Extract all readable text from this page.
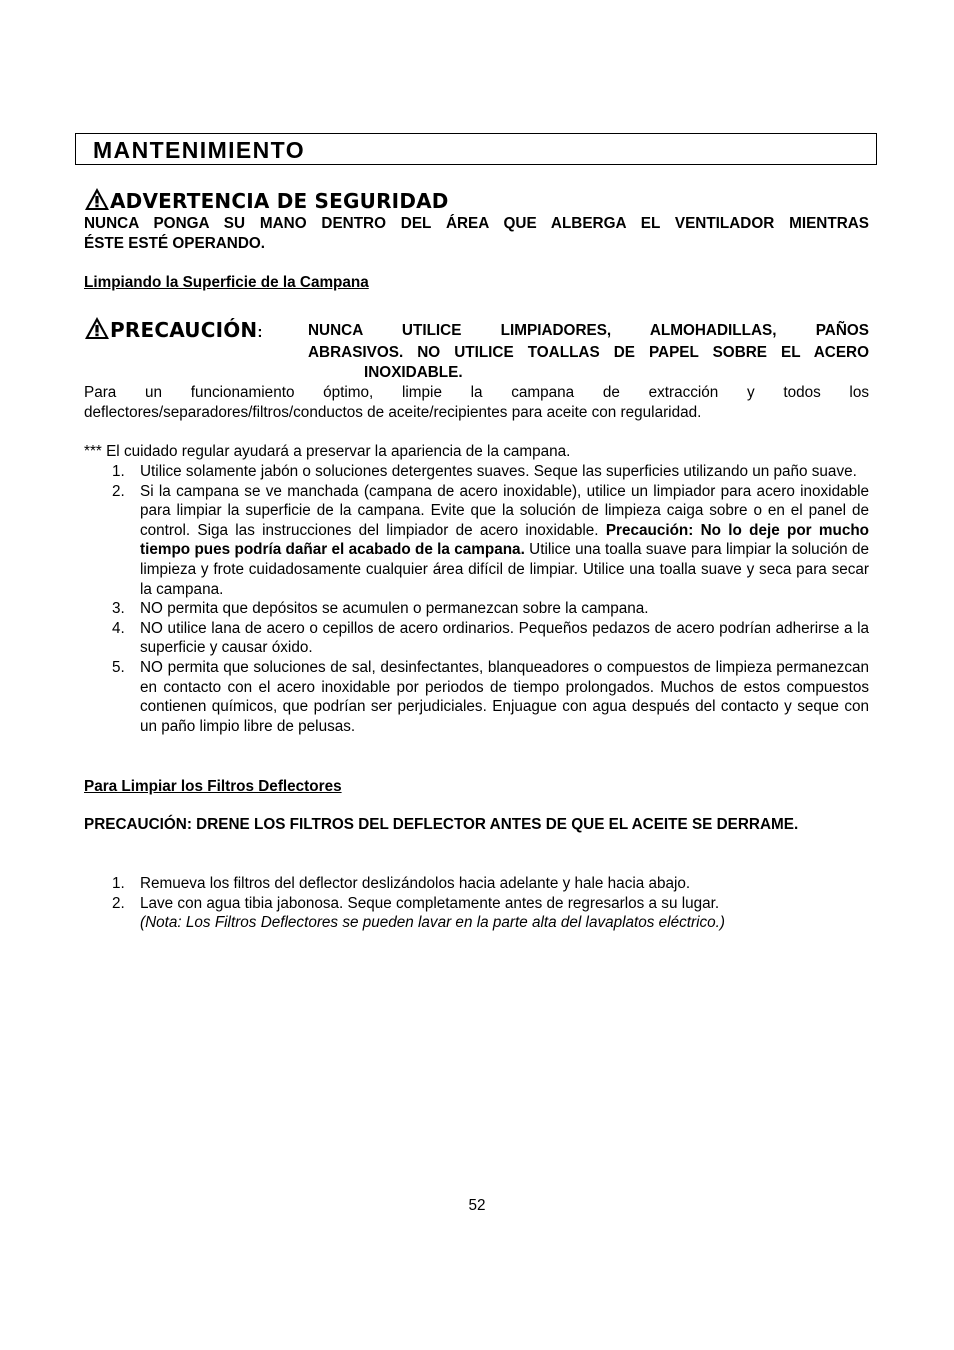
MANTENIMIENTO
ADVERTENCIA DE SEGURIDAD
NUNCA PONGA SU MANO DENTRO DEL ÁREA QUE ALBERGA EL VENTILADOR MIENTRAS
ÉSTE ESTÉ OPERANDO.
Limpiando la Superficie de la Campana
PRECAUCIÓN:	NUNCA UTILICE LIMPIADORES, ALMOHADILLAS, PAÑOS
ABRASIVOS. NO UTILICE TOALLAS DE PAPEL SOBRE EL ACERO
INOXIDABLE.
Para un funcionamiento óptimo, limpie la campana de extracción y todos los deflectores/separadores/filtros/conductos de aceite/recipientes para aceite con regularidad.
*** El cuidado regular ayudará a preservar la apariencia de la campana.
1. Utilice solamente jabón o soluciones detergentes suaves. Seque las superficies utilizando un paño suave.
2. Si la campana se ve manchada (campana de acero inoxidable), utilice un limpiador para acero inoxidable para limpiar la superficie de la campana. Evite que la solución de limpieza caiga sobre o en el panel de control. Siga las instrucciones del limpiador de acero inoxidable. Precaución: No lo deje por mucho tiempo pues podría dañar el acabado de la campana. Utilice una toalla suave para limpiar la solución de limpieza y frote cuidadosamente cualquier área difícil de limpiar. Utilice una toalla suave y seca para secar la campana.
3. NO permita que depósitos se acumulen o permanezcan sobre la campana.
4. NO utilice lana de acero o cepillos de acero ordinarios. Pequeños pedazos de acero podrían adherirse a la superficie y causar óxido.
5. NO permita que soluciones de sal, desinfectantes, blanqueadores o compuestos de limpieza permanezcan en contacto con el acero inoxidable por periodos de tiempo prolongados. Muchos de estos compuestos contienen químicos, que podrían ser perjudiciales. Enjuague con agua después del contacto y seque con un paño limpio libre de pelusas.
Para Limpiar los Filtros Deflectores
PRECAUCIÓN: DRENE LOS FILTROS DEL DEFLECTOR ANTES DE QUE EL ACEITE SE DERRAME.
1. Remueva los filtros del deflector deslizándolos hacia adelante y hale hacia abajo.
2. Lave con agua tibia jabonosa. Seque completamente antes de regresarlos a su lugar.
(Nota: Los Filtros Deflectores se pueden lavar en la parte alta del lavaplatos eléctrico.)
52
